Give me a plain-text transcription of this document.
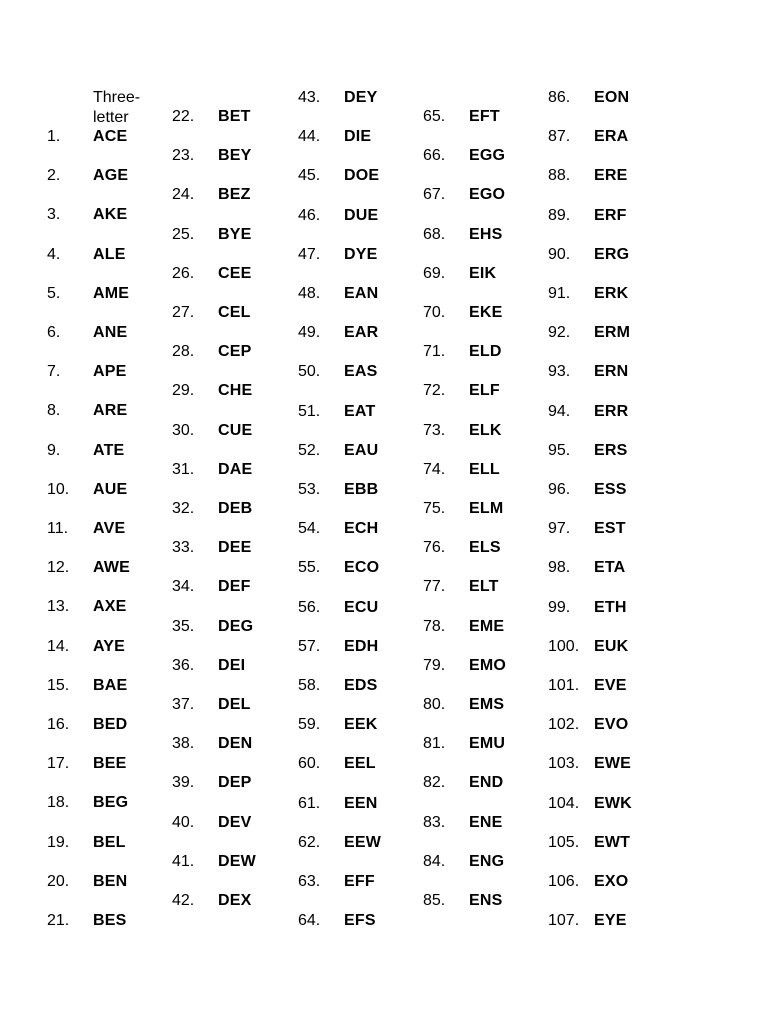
Three-letter
1. ACE
2. AGE
3. AKE
4. ALE
5. AME
6. ANE
7. APE
8. ARE
9. ATE
10. AUE
11. AVE
12. AWE
13. AXE
14. AYE
15. BAE
16. BED
17. BEE
18. BEG
19. BEL
20. BEN
21. BES
22. BET
23. BEY
24. BEZ
25. BYE
26. CEE
27. CEL
28. CEP
29. CHE
30. CUE
31. DAE
32. DEB
33. DEE
34. DEF
35. DEG
36. DEI
37. DEL
38. DEN
39. DEP
40. DEV
41. DEW
42. DEX
43. DEY
44. DIE
45. DOE
46. DUE
47. DYE
48. EAN
49. EAR
50. EAS
51. EAT
52. EAU
53. EBB
54. ECH
55. ECO
56. ECU
57. EDH
58. EDS
59. EEK
60. EEL
61. EEN
62. EEW
63. EFF
64. EFS
65. EFT
66. EGG
67. EGO
68. EHS
69. EIK
70. EKE
71. ELD
72. ELF
73. ELK
74. ELL
75. ELM
76. ELS
77. ELT
78. EME
79. EMO
80. EMS
81. EMU
82. END
83. ENE
84. ENG
85. ENS
86. EON
87. ERA
88. ERE
89. ERF
90. ERG
91. ERK
92. ERM
93. ERN
94. ERR
95. ERS
96. ESS
97. EST
98. ETA
99. ETH
100. EUK
101. EVE
102. EVO
103. EWE
104. EWK
105. EWT
106. EXO
107. EYE
